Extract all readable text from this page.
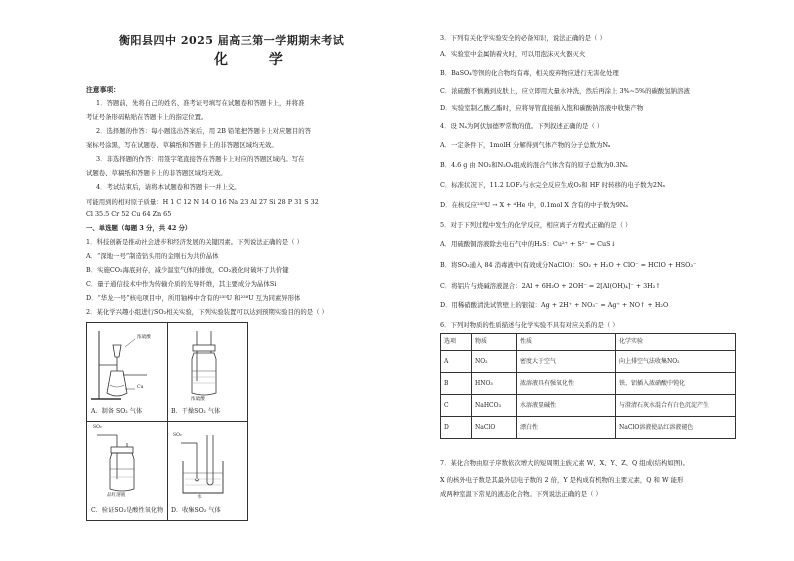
衡阳县四中 2025 届高三第一学期期末考试
化 学
注意事项：
1．答题前，先将自己的姓名、准考证号填写在试题卷和答题卡上，并将准
考证号条形码粘贴在答题卡上的指定位置。
2．选择题的作答：每小题选出答案后，用 2B 铅笔把答题卡上对应题目的答
案标号涂黑，写在试题卷、草稿纸和答题卡上的非答题区域均无效。
3．非选择题的作答：用签字笔直接答在答题卡上对应的答题区域内。写在
试题卷、草稿纸和答题卡上的非答题区域均无效。
4．考试结束后，请将本试题卷和答题卡一并上交。
可能用到的相对原子质量：H 1 C 12 N 14 O 16 Na 23 Al 27 Si 28 P 31 S 32
Cl 35.5 Cr 52 Cu 64 Zn 65
一、单选题（每题 3 分，共 42 分）
1．科技创新是推动社会进步和经济发展的关键因素。下列说法正确的是（ ）
A．“深地一号”制造钻头用的金刚石为共价晶体
B．实施CO₂海底封存，减少温室气体的排放，CO₂液化时破坏了共价键
C．量子通信技术中作为传输介质的光导纤维，其主要成分为晶体Si
D．“华龙一号”核电项目中，所用铀棒中含有的²³⁵U 和²³⁸U 互为同素异形体
2．某化学兴趣小组进行SO₂相关实验，下列实验装置可以达到预期实验目的的是（ ）
浓硫酸
Cu
A．制备 SO₂ 气体
浓硫酸
B．干燥SO₂ 气体
SO₂
品红溶液
C．验证SO₂是酸性氧化物
SO₂
水
D．收集SO₂ 气体
3．下列有关化学实验安全的必备知识，说法正确的是（ ）
A．实验室中金属钠着火时，可以用泡沫灭火器灭火
B．BaSO₄等钡的化合物均有毒，相关废弃物应进行无害化处理
C．浓硫酸不慎溅到皮肤上，应立即用大量水冲洗，然后再涂上 3%~5%的碳酸氢钠溶液
D．实验室制乙酸乙酯时，应将导管直接插入饱和碳酸钠溶液中收集产物
4．设 Nₐ为阿伏加德罗常数的值。下列叙述正确的是（ ）
A．一定条件下，1molH 分解得到气体产物的分子总数为Nₐ
B．4.6 g 由 NO₂和N₂O₄组成的混合气体含有的原子总数为0.3Nₐ
C．标准状况下，11.2 LOF₂与水完全反应生成O₂和 HF 时转移的电子数为2Nₐ
D．在核反应²³⁵U → X + ⁴He 中，0.1mol X 含有的中子数为9Nₐ
5．对于下列过程中发生的化学反应，相应离子方程式正确的是（ ）
A．用硫酸铜溶液除去电石气中的H₂S：Cu²⁺ + S²⁻ = CuS↓
B．将SO₂通入 84 消毒液中(有效成分NaClO)：SO₂ + H₂O + ClO⁻ = HClO + HSO₃⁻
C．将铝片与烧碱溶液混合：2Al + 6H₂O + 2OH⁻ = 2[Al(OH)₄]⁻ + 3H₂↑
D．用稀硝酸清洗试管壁上的银镜：Ag + 2H⁺ + NO₃⁻ = Ag⁺ + NO↑ + H₂O
6．下列对物质的性质描述与化学实验不具有对应关系的是（ ）
选项	物质	性质	化学实验
A	NO₂	密度大于空气	向上排空气法收集NO₂
B	HNO₃	浓溶液具有强氧化性	铁、铝插入浓硝酸中钝化
C	NaHCO₃	水溶液显碱性	与澄清石灰水混合有白色沉淀产生
D	NaClO	漂白性	NaClO溶液使品红溶液褪色
7．某化合物由原子序数依次增大的短周期主族元素 W、X、Y、Z、Q 组成(结构如图)。
X 的核外电子数是其最外层电子数的 2 倍，Y 是构成有机物的主要元素，Q 和 W 能形
成两种室温下常见的液态化合物。下列说法正确的是（ ）
